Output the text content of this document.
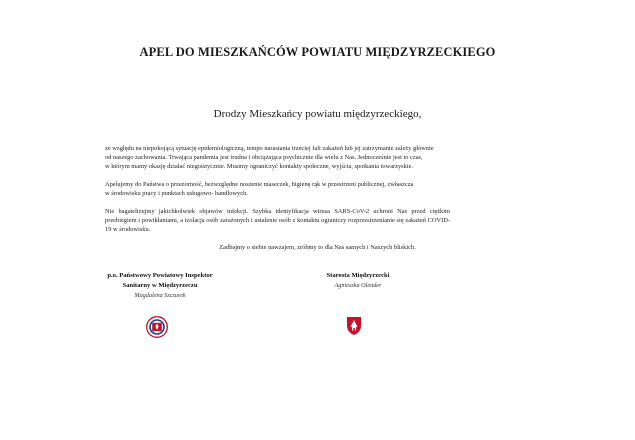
APEL DO MIESZKAŃCÓW POWIATU MIĘDZYRZECKIEGO
Drodzy Mieszkańcy powiatu międzyrzeckiego,
ze względu na niepokojącą sytuację epidemiologiczną, tempo narastania trzeciej fali zakażeń lub jej zatrzymanie zależy głównie
od naszego zachowania. Trwająca pandemia jest trudna i obciążająca psychicznie dla wielu z Nas. Jednocześnie jest to czas,
w którym mamy okazję działać niegoistycznie. Musimy ograniczyć kontakty społeczne, wyjścia, spotkania towarzyskie.
Apelujemy do Państwa o przezorność, bezwzględne noszenie maseczek, higienę rąk w przestrzeni publicznej, zwłaszcza
w środowisku pracy i punktach usługowo- handlowych.
Nie bagatelizujmy jakichkolwiek objawów infekcji. Szybka identyfikacja wirusa SARS-CoV-2 uchroni Nas przed ciężkim przebiegiem i powikłaniami, a izolacja osób zarażonych i ustalenie osób z kontaktu ograniczy rozprzestrzenianie się zakażeń COVID-19 w środowisku.
Zadbajmy o siebie nawzajem, zróbmy to dla Nas samych i Naszych bliskich.
p.o. Państwowy Powiatowy Inspektor
Sanitarny w Międzyrzeczu
Magdalena Szczurek
Starosta Międzyrzecki
Agnieszka Olender
